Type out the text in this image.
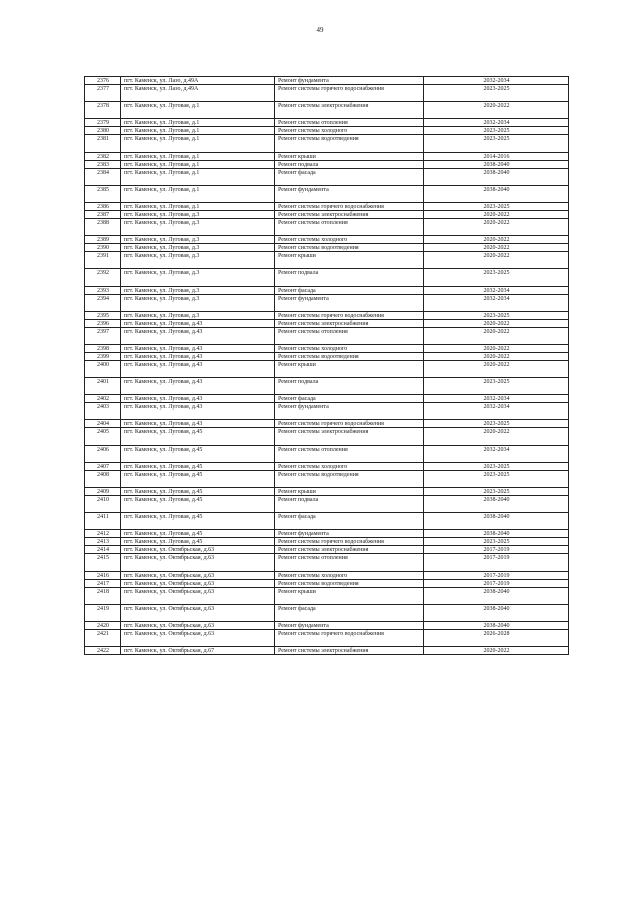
49
2376	пгт. Каменск, ул. Лазо, д.49А	Ремонт фундамента	2032-2034
2377	пгт. Каменск, ул. Лазо, д.49А	Ремонт системы горячего водоснабжения	2023-2025
2378	пгт. Каменск, ул. Луговая, д.1	Ремонт системы электроснабжения	2020-2022
2379	пгт. Каменск, ул. Луговая, д.1	Ремонт системы отопления	2032-2034
2380	пгт. Каменск, ул. Луговая, д.1	Ремонт системы холодного	2023-2025
2381	пгт. Каменск, ул. Луговая, д.1	Ремонт системы водоотведения	2023-2025
2382	пгт. Каменск, ул. Луговая, д.1	Ремонт крыши	2014-2016
2383	пгт. Каменск, ул. Луговая, д.1	Ремонт подвала	2038-2040
2384	пгт. Каменск, ул. Луговая, д.1	Ремонт фасада	2038-2040
2385	пгт. Каменск, ул. Луговая, д.1	Ремонт фундамента	2038-2040
2386	пгт. Каменск, ул. Луговая, д.1	Ремонт системы горячего водоснабжения	2023-2025
2387	пгт. Каменск, ул. Луговая, д.3	Ремонт системы электроснабжения	2020-2022
2388	пгт. Каменск, ул. Луговая, д.3	Ремонт системы отопления	2020-2022
2389	пгт. Каменск, ул. Луговая, д.3	Ремонт системы холодного	2020-2022
2390	пгт. Каменск, ул. Луговая, д.3	Ремонт системы водоотведения	2020-2022
2391	пгт. Каменск, ул. Луговая, д.3	Ремонт крыши	2020-2022
2392	пгт. Каменск, ул. Луговая, д.3	Ремонт подвала	2023-2025
2393	пгт. Каменск, ул. Луговая, д.3	Ремонт фасада	2032-2034
2394	пгт. Каменск, ул. Луговая, д.3	Ремонт фундамента	2032-2034
2395	пгт. Каменск, ул. Луговая, д.3	Ремонт системы горячего водоснабжения	2023-2025
2396	пгт. Каменск, ул. Луговая, д.43	Ремонт системы электроснабжения	2020-2022
2397	пгт. Каменск, ул. Луговая, д.43	Ремонт системы отопления	2020-2022
2398	пгт. Каменск, ул. Луговая, д.43	Ремонт системы холодного	2020-2022
2399	пгт. Каменск, ул. Луговая, д.43	Ремонт системы водоотведения	2020-2022
2400	пгт. Каменск, ул. Луговая, д.43	Ремонт крыши	2020-2022
2401	пгт. Каменск, ул. Луговая, д.43	Ремонт подвала	2023-2025
2402	пгт. Каменск, ул. Луговая, д.43	Ремонт фасада	2032-2034
2403	пгт. Каменск, ул. Луговая, д.43	Ремонт фундамента	2032-2034
2404	пгт. Каменск, ул. Луговая, д.43	Ремонт системы горячего водоснабжения	2023-2025
2405	пгт. Каменск, ул. Луговая, д.45	Ремонт системы электроснабжения	2020-2022
2406	пгт. Каменск, ул. Луговая, д.45	Ремонт системы отопления	2032-2034
2407	пгт. Каменск, ул. Луговая, д.45	Ремонт системы холодного	2023-2025
2408	пгт. Каменск, ул. Луговая, д.45	Ремонт системы водоотведения	2023-2025
2409	пгт. Каменск, ул. Луговая, д.45	Ремонт крыши	2023-2025
2410	пгт. Каменск, ул. Луговая, д.45	Ремонт подвала	2038-2040
2411	пгт. Каменск, ул. Луговая, д.45	Ремонт фасада	2038-2040
2412	пгт. Каменск, ул. Луговая, д.45	Ремонт фундамента	2038-2040
2413	пгт. Каменск, ул. Луговая, д.45	Ремонт системы горячего водоснабжения	2023-2025
2414	пгт. Каменск, ул. Октябрьская, д.63	Ремонт системы электроснабжения	2017-2019
2415	пгт. Каменск, ул. Октябрьская, д.63	Ремонт системы отопления	2017-2019
2416	пгт. Каменск, ул. Октябрьская, д.63	Ремонт системы холодного	2017-2019
2417	пгт. Каменск, ул. Октябрьская, д.63	Ремонт системы водоотведения	2017-2019
2418	пгт. Каменск, ул. Октябрьская, д.63	Ремонт крыши	2038-2040
2419	пгт. Каменск, ул. Октябрьская, д.63	Ремонт фасада	2038-2040
2420	пгт. Каменск, ул. Октябрьская, д.63	Ремонт фундамента	2038-2040
2421	пгт. Каменск, ул. Октябрьская, д.63	Ремонт системы горячего водоснабжения	2026-2028
2422	пгт. Каменск, ул. Октябрьская, д.67	Ремонт системы электроснабжения	2020-2022
